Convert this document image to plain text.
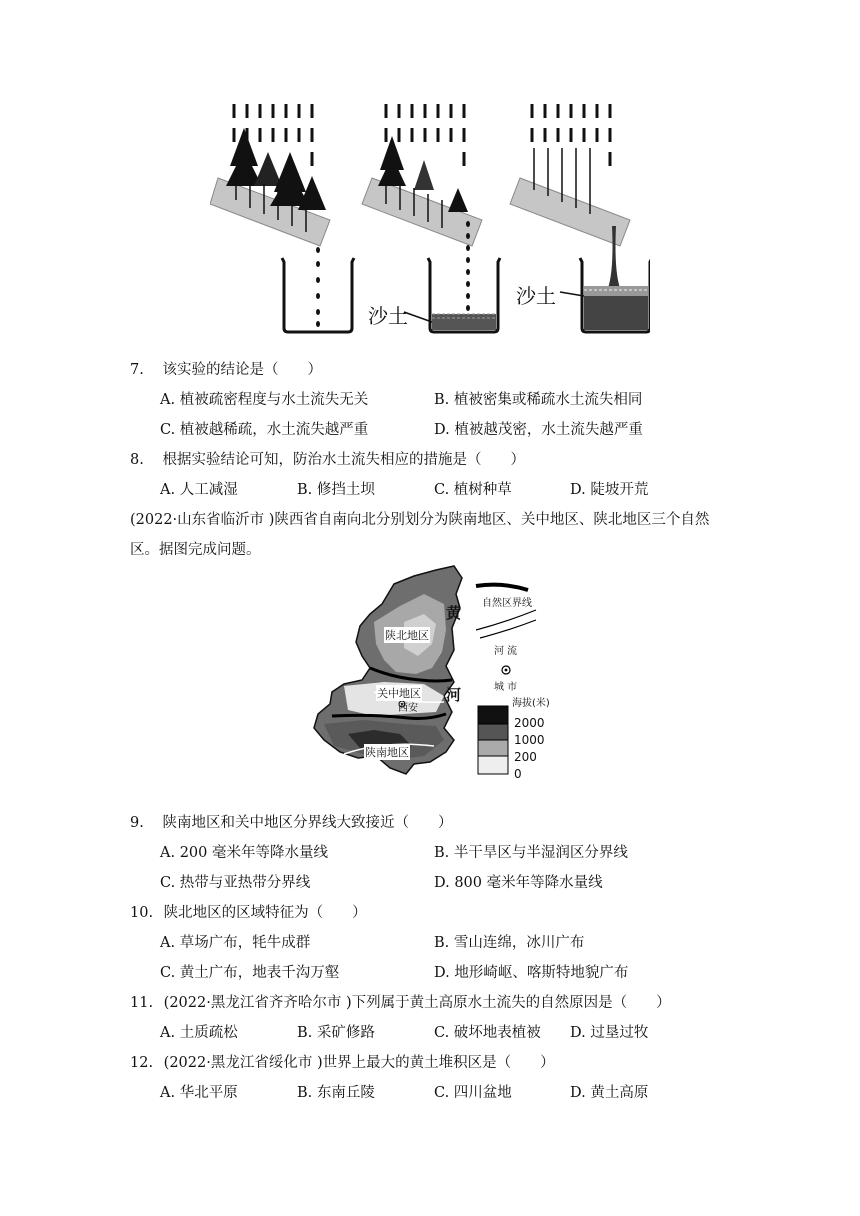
沙土
沙土
7. 该实验的结论是（　　）
A. 植被疏密程度与水土流失无关	B. 植被密集或稀疏水土流失相同
C. 植被越稀疏，水土流失越严重	D. 植被越茂密，水土流失越严重
8. 根据实验结论可知，防治水土流失相应的措施是（　　）
A. 人工减湿	B. 修挡土坝	C. 植树种草	D. 陡坡开荒
(2022·山东省临沂市 )陕西省自南向北分别划分为陕南地区、关中地区、陕北地区三个自然
区。据图完成问题。
陕北地区
关中地区
西安
陕南地区
黄
河
自然区界线
河 流
城 市
海拔(米)
2000
1000
200
0
9. 陕南地区和关中地区分界线大致接近（　　）
A. 200 毫米年等降水量线	B. 半干旱区与半湿润区分界线
C. 热带与亚热带分界线	D. 800 毫米年等降水量线
10. 陕北地区的区域特征为（　　）
A. 草场广布，牦牛成群	B. 雪山连绵，冰川广布
C. 黄土广布，地表千沟万壑	D. 地形崎岖、喀斯特地貌广布
11. (2022·黑龙江省齐齐哈尔市 )下列属于黄土高原水土流失的自然原因是（　　）
A. 土质疏松	B. 采矿修路	C. 破坏地表植被 D. 过垦过牧
12. (2022·黑龙江省绥化市 )世界上最大的黄土堆积区是（　　）
A. 华北平原	B. 东南丘陵	C. 四川盆地	D. 黄土高原
